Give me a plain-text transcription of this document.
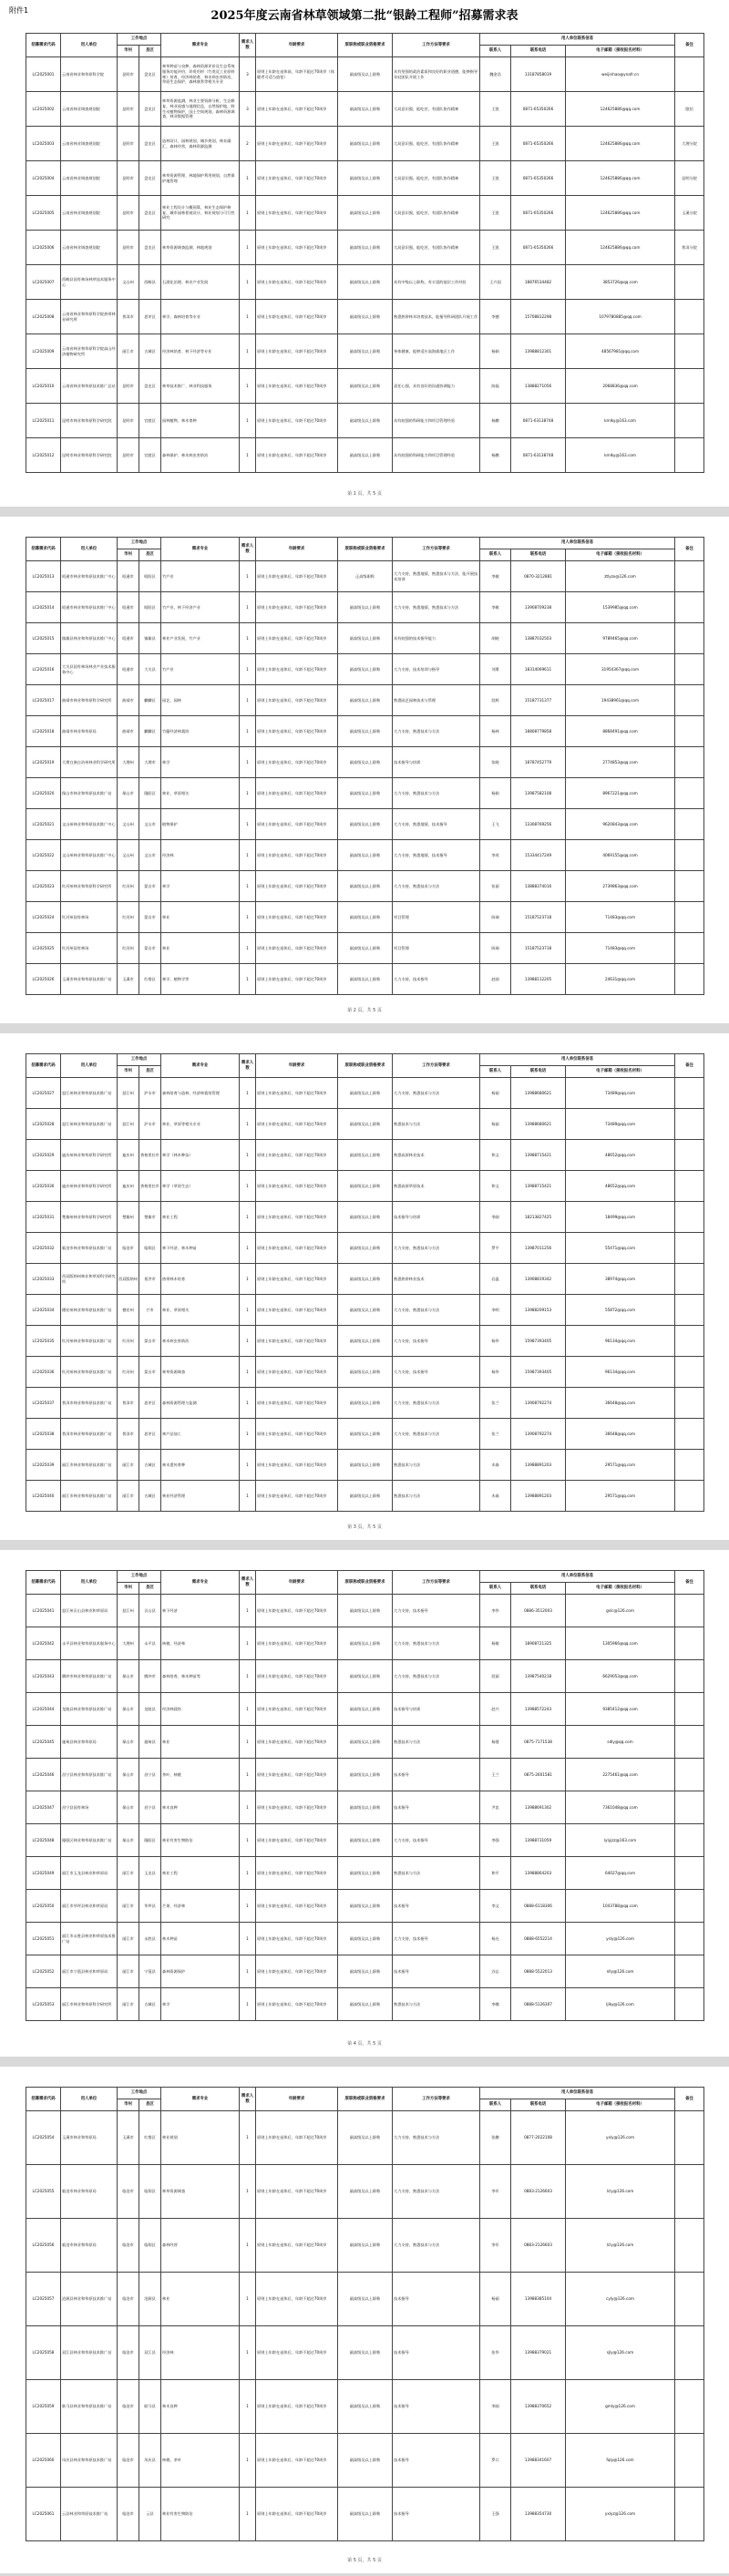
附件1	2025年度云南省林草领域第二批“银龄工程师”招募需求表
招募需求代码	用人单位	工作地点		需求专业	需求人数	年龄要求	原职称或职业资格要求	工作方法等要求	用人单位联系信息			备注
		市州	县区						联系人	联系电话	电子邮箱（接收报名材料）	
LC2025001	云南省林业和草原科学院	昆明市	盘龙区	林草种苗与良种，森林资源评价及生态系统服务功能评价，珍贵用材（竹类及工业原料林）培育，经济林培育，林木病虫害防治，草原生态保护，森林康养等相关专业	3	原则上年龄在退休前，年龄不超过70周岁（体健者可适当放宽）	副高级及以上职称	具有坚强的政治素质和良好的职业道德，能够指导年轻团队开展工作	魏金浩	13187858019	weijinhao@ynafr.cn	
LC2025002	云南省林业调查规划院	昆明市	盘龙区	林草资源监测，林业主要资源分析，生态修复，林业遥感与地理信息，自然保护地，野生动植物保护，国土空间规划，森林资源调查，林业数据管理	3	原则上年龄在退休后，年龄不超过70周岁	副高级及以上职称	大局意识强，能吃苦，有团队协作精神	王凯	0871-65350266	124625886@qq.com	限招
LC2025003	云南省林业调查规划院	昆明市	盘龙区	造林设计，园林规划，城乡规划，林业碳汇，森林经营，森林资源监测	2	原则上年龄在退休后，年龄不超过70周岁	副高级及以上职称	大局意识强，能吃苦，有团队协作精神	王凯	0871-65350266	124625886@qq.com	大理分院
LC2025004	云南省林业调查规划院	昆明市	盘龙区	林草资源管理、林地保护利用规划、自然保护地管理	1	原则上年龄在退休后，年龄不超过70周岁	副高级及以上职称	大局意识强，能吃苦，有团队协作精神	王凯	0871-65350266	124625886@qq.com	昆明分院
LC2025005	云南省林业调查规划院	昆明市	盘龙区	林业工程设计与概预算，林业生态保护修复，城市园林景观设计，林业规划与可行性研究	1	原则上年龄在退休后，年龄不超过70周岁	副高级及以上职称	大局意识强，能吃苦，有团队协作精神	王凯	0871-65350266	124625886@qq.com	玉溪分院
LC2025006	云南省林业调查规划院	昆明市	盘龙区	林草资源调查监测、林地规划	1	原则上年龄在退休后，年龄不超过70周岁	副高级及以上职称	大局意识强，能吃苦，有团队协作精神	王凯	0871-65350266	124625886@qq.com	普洱分院
LC2025007	西畴县国有林场林草技术服务中心	文山州	西畴县	石漠化治理、林业产业发展	1	原则上年龄在退休后，年龄不超过70周岁	副高级及以上职称	具有中级以上职称，有丰富的基层工作经验	王兴国	18876534482	3853726@qq.com	
LC2025008	云南省林业和草原科学院热带林业研究所	普洱市	思茅区	林学、森林培育等专业	1	原则上年龄在退休后，年龄不超过70周岁	副高级及以上职称	熟悉热带林木培育技术，能指导科研团队开展工作	李德	15708812298	1079780885@qq.com	
LC2025009	云南省林业和草原科学院高山经济植物研究所	丽江市	古城区	经济林培育、林下经济等专业	1	原则上年龄在退休后，年龄不超过70周岁	副高级及以上职称	身体健康，能够适应高海拔地区工作	杨娟	13988812301	48567981@qq.com	
LC2025010	云南省林业和草原技术推广总站	昆明市	盘龙区	林草技术推广、林业科技服务	1	原则上年龄在退休后，年龄不超过70周岁	副高级及以上职称	责任心强，具有良好的沟通协调能力	陈磊	13888271056	2068836@qq.com	
LC2025011	昆明市林业和草原科学研究院	昆明市	官渡区	园林植物、林木育种	1	原则上年龄在退休后，年龄不超过70周岁	副高级及以上职称	具有较强的科研能力和项目管理经验	杨鹏	0871-63138748	kmlky@163.com	
LC2025012	昆明市林业和草原科学研究院	昆明市	官渡区	森林保护、林木病虫害防治	1	原则上年龄在退休后，年龄不超过70周岁	副高级及以上职称	具有较强的科研能力和项目管理经验	杨鹏	0871-63138748	kmlky@163.com	
第 1 页，共 5 页
招募需求代码	用人单位	工作地点		需求专业	需求人数	年龄要求	原职称或职业资格要求	工作方法等要求	用人单位联系信息			备注
		市州	县区						联系人	联系电话	电子邮箱（接收报名材料）	
LC2025013	昭通市林业和草原技术推广中心	昭通市	昭阳区	竹产业	1	原则上年龄在退休后，年龄不超过70周岁	正高级职称	大力支持，熟悉地情，熟悉技术与方法，能开展技术培训	李敏	0870-3212881	ztlyzx@126.com	
LC2025014	昭通市林业和草原技术推广中心	昭通市	昭阳区	竹产业，林下经济产业	1	原则上年龄在退休后，年龄不超过70周岁	副高级及以上职称	大力支持，熟悉地情，熟悉技术与方法	李敏	13908709238	1539985@qq.com	
LC2025015	镇雄县林业和草原技术推广中心	昭通市	镇雄县	林业产业发展、竹产业	1	原则上年龄在退休后，年龄不超过70周岁	副高级及以上职称	具有较强的技术指导能力	胡晓	13887032503	9789465@qq.com	
LC2025016	大关县国有林场林业产业技术服务中心	昭通市	大关县	竹产业	1	原则上年龄在退休后，年龄不超过70周岁	副高级及以上职称	大力支持，技术培训与指导	刘勇	18314069611	31954367@qq.com	
LC2025017	曲靖市林业和草原科学研究所	曲靖市	麒麟区	园艺、园林	1	原则上年龄在退休后，年龄不超过70周岁	副高级及以上职称	熟悉园艺园林技术与管理	段辉	15187731377	19438961@qq.com	
LC2025018	曲靖市林业和草原局	曲靖市	麒麟区	竹藤经济林栽培	1	原则上年龄在退休后，年龄不超过70周岁	副高级及以上职称	大力支持，熟悉技术与方法	杨林	18808779858	8868491@qq.com	
LC2025019	大理白族自治州林业科学研究所	大理州	大理市	林学	1	原则上年龄在退休后，年龄不超过70周岁	副高级及以上职称	技术指导与培训	张晓	18787452779	2774853@qq.com	
LC2025020	保山市林业和草原技术推广站	保山市	隆阳区	林业、草原相关	1	原则上年龄在退休后，年龄不超过70周岁	副高级及以上职称	大力支持，熟悉技术与方法	杨娟	13987582108	8967221@qq.com	
LC2025021	文山州林业和草原技术推广中心	文山州	文山市	植物保护	1	原则上年龄在退休后，年龄不超过70周岁	副高级及以上职称	大力支持，熟悉地情，技术指导	王飞	13308769256	9620843@qq.com	
LC2025022	文山州林业和草原技术推广中心	文山州	文山市	经济林	1	原则上年龄在退休后，年龄不超过70周岁	副高级及以上职称	大力支持，熟悉地情，技术指导	李茂	15334417249	4069155@qq.com	
LC2025023	红河州林业和草原科学研究所	红河州	蒙自市	林学	1	原则上年龄在退休后，年龄不超过70周岁	副高级及以上职称	大力支持，熟悉技术与方法	张丽	13888374016	2739863@qq.com	
LC2025024	红河州国有林场	红河州	蒙自市	林业	1	原则上年龄在退休后，年龄不超过70周岁	副高级及以上职称	项目管理	陈瑞	15187523718	71483@qq.com	
LC2025025	红河州国有林场	红河州	蒙自市	林业	1	原则上年龄在退休后，年龄不超过70周岁	副高级及以上职称	项目管理	陈瑞	15187523718	71483@qq.com	
LC2025026	玉溪市林业和草原技术推广站	玉溪市	红塔区	林学、植物学等	1	原则上年龄在退休后，年龄不超过70周岁	副高级及以上职称	大力支持，技术指导	赵刚	13988112205	24631@qq.com	
第 2 页，共 5 页
招募需求代码	用人单位	工作地点		需求专业	需求人数	年龄要求	原职称或职业资格要求	工作方法等要求	用人单位联系信息			备注
		市州	县区						联系人	联系电话	电子邮箱（接收报名材料）	
LC2025027	怒江州林业和草原技术推广站	怒江州	泸水市	森林培育与造林、经济林栽培管理	1	原则上年龄在退休后，年龄不超过70周岁	副高级及以上职称	大力支持，熟悉技术与方法	杨丽	13988680621	73489@qq.com	
LC2025028	怒江州林业和草原技术推广站	怒江州	泸水市	林业、草原等相关专业	1	原则上年龄在退休后，年龄不超过70周岁	副高级及以上职称	熟悉技术与方法	杨丽	13988680621	73489@qq.com	
LC2025029	迪庆州林业和草原科学研究所	迪庆州	香格里拉市	林学（林木种苗）	1	原则上年龄在退休后，年龄不超过70周岁	副高级及以上职称	熟悉高原林业技术	和文	13988715421	48652@qq.com	
LC2025030	迪庆州林业和草原科学研究所	迪庆州	香格里拉市	林学（草原生态）	1	原则上年龄在退休后，年龄不超过70周岁	副高级及以上职称	熟悉高原草原技术	和文	13988715421	48652@qq.com	
LC2025031	楚雄州林业和草原科学研究所	楚雄州	楚雄市	林业工程	1	原则上年龄在退休后，年龄不超过70周岁	副高级及以上职称	技术指导与培训	李刚	18213827425	18499@qq.com	
LC2025032	临沧市林业和草原技术推广站	临沧市	临翔区	林下经济、林木种苗	1	原则上年龄在退休后，年龄不超过70周岁	副高级及以上职称	大力支持，熟悉技术与方法	罗平	13987011256	55471@qq.com	
LC2025033	西双版纳州林业和草原科学研究所	西双版纳州	景洪市	热带林木培育	1	原则上年龄在退休后，年龄不超过70周岁	副高级及以上职称	熟悉热带林业技术	岩温	13908819342	38974@qq.com	
LC2025034	德宏州林业和草原技术推广站	德宏州	芒市	林业、草原相关	1	原则上年龄在退休后，年龄不超过70周岁	副高级及以上职称	大力支持，熟悉技术与方法	李明	13988209153	55872@qq.com	
LC2025035	红河州林业和草原技术推广站	红河州	蒙自市	林木病虫害防治	1	原则上年龄在退休后，年龄不超过70周岁	副高级及以上职称	大力支持，技术指导	杨华	15987393405	96134@qq.com	
LC2025036	红河州林业和草原技术推广站	红河州	蒙自市	林草资源调查	1	原则上年龄在退休后，年龄不超过70周岁	副高级及以上职称	大力支持，技术指导	杨华	15987393405	96134@qq.com	
LC2025037	普洱市林业和草原技术推广站	普洱市	思茅区	森林资源管理与监测	1	原则上年龄在退休后，年龄不超过70周岁	副高级及以上职称	大力支持，熟悉技术与方法	张兰	13908792274	36648@qq.com	
LC2025038	普洱市林业和草原技术推广站	普洱市	思茅区	林产品加工	1	原则上年龄在退休后，年龄不超过70周岁	副高级及以上职称	大力支持，熟悉技术与方法	张兰	13908792274	36648@qq.com	
LC2025039	丽江市林业和草原技术推广站	丽江市	古城区	林木遗传育种	1	原则上年龄在退休后，年龄不超过70周岁	副高级及以上职称	熟悉技术与方法	木森	13988891203	29571@qq.com	
LC2025040	丽江市林业和草原技术推广站	丽江市	古城区	林业经济管理	1	原则上年龄在退休后，年龄不超过70周岁	副高级及以上职称	熟悉技术与方法	木森	13988891203	29571@qq.com	
第 3 页，共 5 页
招募需求代码	用人单位	工作地点		需求专业	需求人数	年龄要求	原职称或职业资格要求	工作方法等要求	用人单位联系信息			备注
		市州	县区						联系人	联系电话	电子邮箱（接收报名材料）	
LC2025041	怒江州贡山县林业和草原局	怒江州	贡山县	林下经济	1	原则上年龄在退休后，年龄不超过70周岁	副高级及以上职称	大力支持，技术指导	李华	0886-3512003	gslc@126.com	
LC2025042	永平县林业和草原技术服务中心	大理州	永平县	核桃、经济林	1	原则上年龄在退休后，年龄不超过70周岁	副高级及以上职称	大力支持，熟悉技术与方法	杨敏	18908721325	1305966@qq.com	
LC2025043	腾冲市林业和草原技术推广站	保山市	腾冲市	森林培育、林木种苗等	1	原则上年龄在退休后，年龄不超过70周岁	副高级及以上职称	大力支持，熟悉技术与方法	段丽	13987540218	6629053@qq.com	
LC2025044	龙陵县林业和草原技术推广站	保山市	龙陵县	经济林栽培	1	原则上年龄在退休后，年龄不超过70周岁	副高级及以上职称	技术指导与培训	赵兴	13988572243	9385412@qq.com	
LC2025045	施甸县林业和草原局	保山市	施甸县	林业	1	原则上年龄在退休后，年龄不超过70周岁	副高级及以上职称	熟悉技术与方法	杨建	0875-7171538	sdly@qq.com	
LC2025046	昌宁县林业和草原技术推广站	保山市	昌宁县	茶叶、核桃	1	原则上年龄在退休后，年龄不超过70周岁	副高级及以上职称	技术指导	王兰	0875-2601581	2275461@qq.com	
LC2025047	昌宁县国有林场	保山市	昌宁县	林木良种	1	原则上年龄在退休后，年龄不超过70周岁	副高级及以上职称	技术指导	尹忠	13988691302	7361048@qq.com	
LC2025048	隆阳区林业和草原技术推广站	保山市	隆阳区	林业有害生物防治	1	原则上年龄在退休后，年龄不超过70周岁	副高级及以上职称	大力支持，技术指导	李强	13988731059	lylyjzz@163.com	
LC2025049	丽江市玉龙县林业和草原局	丽江市	玉龙县	林业工程	1	原则上年龄在退休后，年龄不超过70周岁	副高级及以上职称	熟悉技术与方法	和平	13988864203	64027@qq.com	
LC2025050	丽江市华坪县林业和草原局	丽江市	华坪县	芒果、经济林	1	原则上年龄在退休后，年龄不超过70周岁	副高级及以上职称	技术指导	李文	0888-6118306	1043788@qq.com	
LC2025051	丽江市永胜县林业和草原技术推广站	丽江市	永胜县	林木种苗	1	原则上年龄在退休后，年龄不超过70周岁	副高级及以上职称	大力支持，技术指导	杨光	0888-6552214	ysly@126.com	
LC2025052	丽江市宁蒗县林业和草原局	丽江市	宁蒗县	森林资源保护	1	原则上年龄在退休后，年龄不超过70周岁	副高级及以上职称	技术指导	沙志	0888-5522013	nlly@126.com	
LC2025053	丽江市林业和草原科学研究所	丽江市	古城区	林学	1	原则上年龄在退休后，年龄不超过70周岁	副高级及以上职称	熟悉技术与方法	李娜	0888-5126307	ljlky@126.com	
第 4 页，共 5 页
招募需求代码	用人单位	工作地点		需求专业	需求人数	年龄要求	原职称或职业资格要求	工作方法等要求	用人单位联系信息			备注
		市州	县区						联系人	联系电话	电子邮箱（接收报名材料）	
LC2025054	玉溪市林业和草原局	玉溪市	红塔区	林业规划	1	原则上年龄在退休后，年龄不超过70周岁	副高级及以上职称	大力支持，熟悉技术与方法	张鹏	0877-2022108	yxly@126.com	
LC2025055	临沧市林业和草原局	临沧市	临翔区	林草资源调查	1	原则上年龄在退休后，年龄不超过70周岁	副高级及以上职称	大力支持，熟悉技术与方法	李军	0883-2126603	lcly@126.com	
LC2025056	临沧市林业和草原局	临沧市	临翔区	森林经营	1	原则上年龄在退休后，年龄不超过70周岁	副高级及以上职称	大力支持，熟悉技术与方法	李军	0883-2126603	lcly@126.com	
LC2025057	沧源县林业和草原技术推广站	临沧市	沧源县	林业	1	原则上年龄在退休后，年龄不超过70周岁	副高级及以上职称	技术指导	杨丽	13988385104	cyly@126.com	
LC2025058	双江县林业和草原技术推广站	临沧市	双江县	经济林	1	原则上年龄在退休后，年龄不超过70周岁	副高级及以上职称	技术指导	张华	13988379021	sjly@126.com	
LC2025059	耿马县林业和草原技术推广站	临沧市	耿马县	林木良种	1	原则上年龄在退休后，年龄不超过70周岁	副高级及以上职称	技术指导	李刚	13988370652	gmly@126.com	
LC2025060	凤庆县林业和草原技术推广站	临沧市	凤庆县	核桃、茶叶	1	原则上年龄在退休后，年龄不超过70周岁	副高级及以上职称	技术指导	罗兵	13988341607	fqly@126.com	
LC2025061	云县林业和草原技术推广站	临沧市	云县	林业有害生物防治	1	原则上年龄在退休后，年龄不超过70周岁	副高级及以上职称	技术指导	王强	13988354730	yxlyz@126.com	
第 5 页，共 5 页
